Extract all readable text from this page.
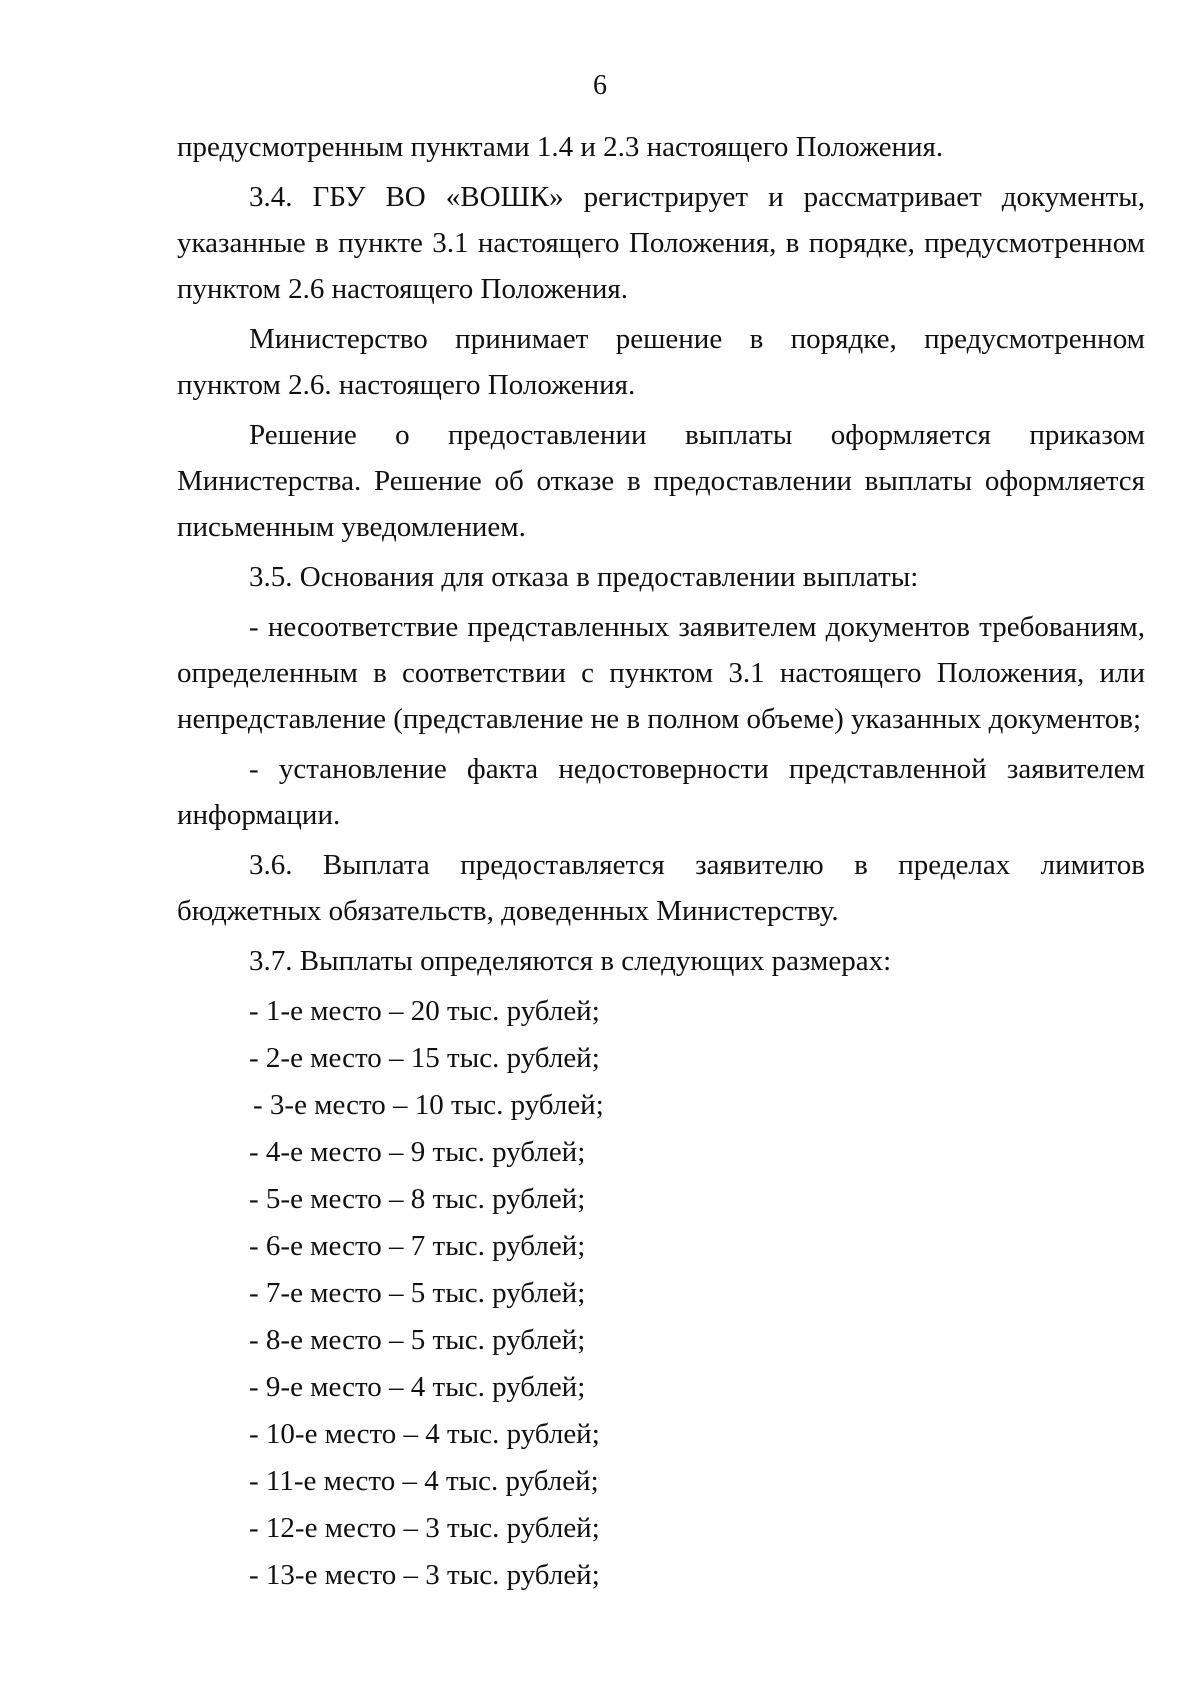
6

предусмотренным пунктами 1.4 и 2.3 настоящего Положения.

3.4. ГБУ ВО «ВОШК» регистрирует и рассматривает документы, указанные в пункте 3.1 настоящего Положения, в порядке, предусмотренном пунктом 2.6 настоящего Положения.

Министерство принимает решение в порядке, предусмотренном пунктом 2.6. настоящего Положения.

Решение о предоставлении выплаты оформляется приказом Министерства. Решение об отказе в предоставлении выплаты оформляется письменным уведомлением.

3.5. Основания для отказа в предоставлении выплаты:

- несоответствие представленных заявителем документов требованиям, определенным в соответствии с пунктом 3.1 настоящего Положения, или непредставление (представление не в полном объеме) указанных документов;

- установление факта недостоверности представленной заявителем информации.

3.6. Выплата предоставляется заявителю в пределах лимитов бюджетных обязательств, доведенных Министерству.

3.7. Выплаты определяются в следующих размерах:

- 1-е место – 20 тыс. рублей;
- 2-е место – 15 тыс. рублей;
- 3-е место – 10 тыс. рублей;
- 4-е место – 9 тыс. рублей;
- 5-е место – 8 тыс. рублей;
- 6-е место – 7 тыс. рублей;
- 7-е место – 5 тыс. рублей;
- 8-е место – 5 тыс. рублей;
- 9-е место – 4 тыс. рублей;
- 10-е место – 4 тыс. рублей;
- 11-е место – 4 тыс. рублей;
- 12-е место – 3 тыс. рублей;
- 13-е место – 3 тыс. рублей;
